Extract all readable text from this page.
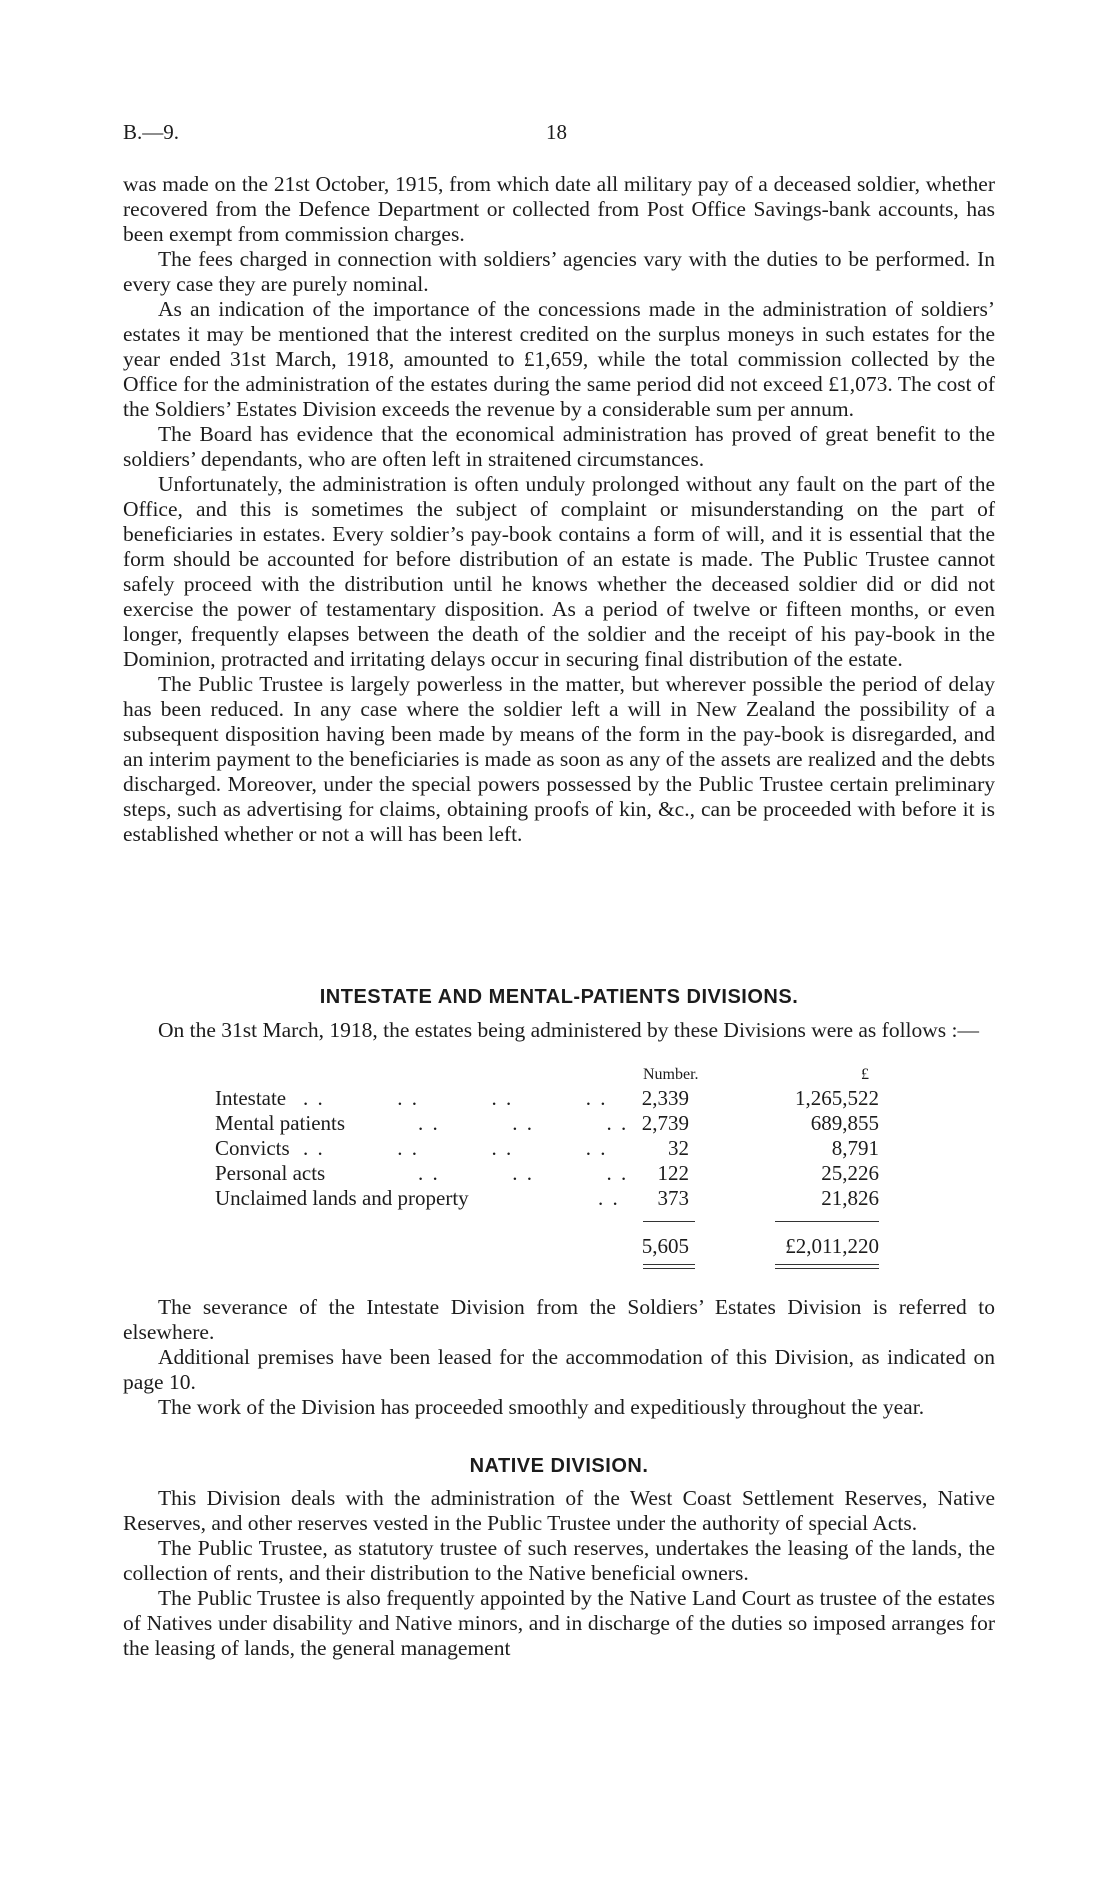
B.—9.	18

was made on the 21st October, 1915, from which date all military pay of a deceased soldier, whether recovered from the Defence Department or collected from Post Office Savings-bank accounts, has been exempt from commission charges.

The fees charged in connection with soldiers’ agencies vary with the duties to be performed. In every case they are purely nominal.

As an indication of the importance of the concessions made in the administration of soldiers’ estates it may be mentioned that the interest credited on the surplus moneys in such estates for the year ended 31st March, 1918, amounted to £1,659, while the total commission collected by the Office for the administration of the estates during the same period did not exceed £1,073. The cost of the Soldiers’ Estates Division exceeds the revenue by a considerable sum per annum.

The Board has evidence that the economical administration has proved of great benefit to the soldiers’ dependants, who are often left in straitened circumstances.

Unfortunately, the administration is often unduly prolonged without any fault on the part of the Office, and this is sometimes the subject of complaint or misunderstanding on the part of beneficiaries in estates. Every soldier’s pay-book contains a form of will, and it is essential that the form should be accounted for before distribution of an estate is made. The Public Trustee cannot safely proceed with the distribution until he knows whether the deceased soldier did or did not exercise the power of testamentary disposition. As a period of twelve or fifteen months, or even longer, frequently elapses between the death of the soldier and the receipt of his pay-book in the Dominion, protracted and irritating delays occur in securing final distribution of the estate.

The Public Trustee is largely powerless in the matter, but wherever possible the period of delay has been reduced. In any case where the soldier left a will in New Zealand the possibility of a subsequent disposition having been made by means of the form in the pay-book is disregarded, and an interim payment to the beneficiaries is made as soon as any of the assets are realized and the debts discharged. Moreover, under the special powers possessed by the Public Trustee certain preliminary steps, such as advertising for claims, obtaining proofs of kin, &c., can be proceeded with before it is established whether or not a will has been left.

INTESTATE AND MENTAL-PATIENTS DIVISIONS.

On the 31st March, 1918, the estates being administered by these Divisions were as follows :—

Number.	£
Intestate . .          . .          . .          . . 2,339	1,265,522
Mental patients	. .          . .          . . 2,739	689,855
Convicts . .          . .          . .          . .	32	8,791
Personal acts	. .          . .          . . 122	25,226
Unclaimed lands and property	. . 373	21,826
5,605	£2,011,220

The severance of the Intestate Division from the Soldiers’ Estates Division is referred to elsewhere.

Additional premises have been leased for the accommodation of this Division, as indicated on page 10.

The work of the Division has proceeded smoothly and expeditiously throughout the year.

NATIVE DIVISION.

This Division deals with the administration of the West Coast Settlement Reserves, Native Reserves, and other reserves vested in the Public Trustee under the authority of special Acts.

The Public Trustee, as statutory trustee of such reserves, undertakes the leasing of the lands, the collection of rents, and their distribution to the Native beneficial owners.

The Public Trustee is also frequently appointed by the Native Land Court as trustee of the estates of Natives under disability and Native minors, and in discharge of the duties so imposed arranges for the leasing of lands, the general management
